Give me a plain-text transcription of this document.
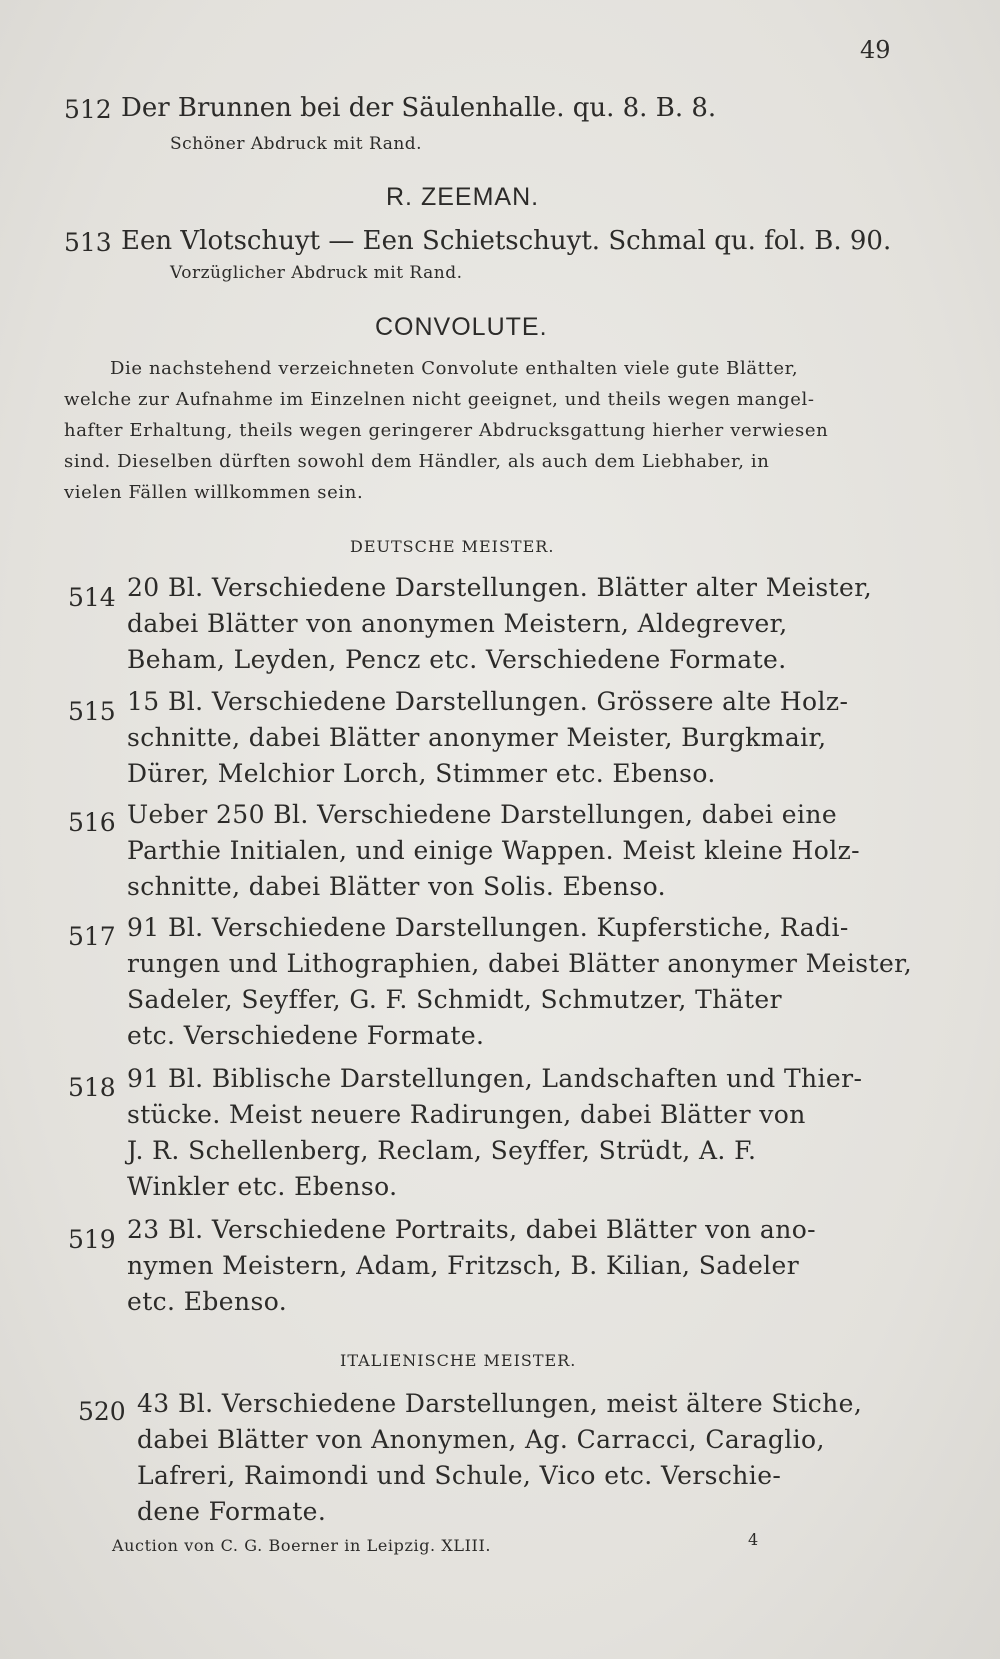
49
512 Der Brunnen bei der Säulenhalle. qu. 8. B. 8.
Schöner Abdruck mit Rand.
R. ZEEMAN.
513 Een Vlotschuyt — Een Schietschuyt. Schmal qu. fol. B. 90.
Vorzüglicher Abdruck mit Rand.
CONVOLUTE.
Die nachstehend verzeichneten Convolute enthalten viele gute Blätter,
welche zur Aufnahme im Einzelnen nicht geeignet, und theils wegen mangel-
hafter Erhaltung, theils wegen geringerer Abdrucksgattung hierher verwiesen
sind. Dieselben dürften sowohl dem Händler, als auch dem Liebhaber, in
vielen Fällen willkommen sein.
DEUTSCHE MEISTER.
514 20 Bl. Verschiedene Darstellungen. Blätter alter Meister,
dabei Blätter von anonymen Meistern, Aldegrever,
Beham, Leyden, Pencz etc. Verschiedene Formate.
515 15 Bl. Verschiedene Darstellungen. Grössere alte Holz-
schnitte, dabei Blätter anonymer Meister, Burgkmair,
Dürer, Melchior Lorch, Stimmer etc. Ebenso.
516 Ueber 250 Bl. Verschiedene Darstellungen, dabei eine
Parthie Initialen, und einige Wappen. Meist kleine Holz-
schnitte, dabei Blätter von Solis. Ebenso.
517 91 Bl. Verschiedene Darstellungen. Kupferstiche, Radi-
rungen und Lithographien, dabei Blätter anonymer Meister,
Sadeler, Seyffer, G. F. Schmidt, Schmutzer, Thäter
etc. Verschiedene Formate.
518 91 Bl. Biblische Darstellungen, Landschaften und Thier-
stücke. Meist neuere Radirungen, dabei Blätter von
J. R. Schellenberg, Reclam, Seyffer, Strüdt, A. F.
Winkler etc. Ebenso.
519 23 Bl. Verschiedene Portraits, dabei Blätter von ano-
nymen Meistern, Adam, Fritzsch, B. Kilian, Sadeler
etc. Ebenso.
ITALIENISCHE MEISTER.
520 43 Bl. Verschiedene Darstellungen, meist ältere Stiche,
dabei Blätter von Anonymen, Ag. Carracci, Caraglio,
Lafreri, Raimondi und Schule, Vico etc. Verschie-
dene Formate.
Auction von C. G. Boerner in Leipzig. XLIII.	4
